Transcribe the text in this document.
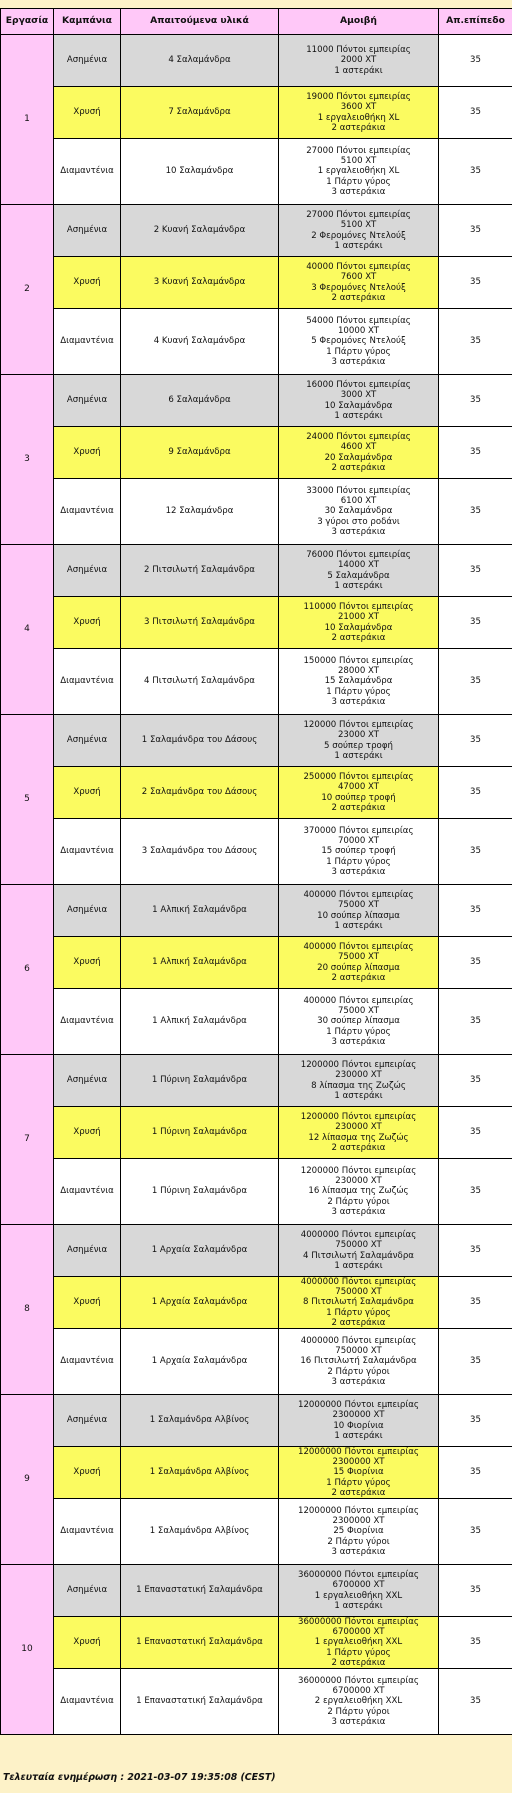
Εργασία	Καμπάνια	Απαιτούμενα υλικά	Αμοιβή	Απ.επίπεδο
1	Ασημένια	4 Σαλαμάνδρα	11000 Πόντοι εμπειρίας
2000 XT
1 αστεράκι	35
	Χρυσή	7 Σαλαμάνδρα	19000 Πόντοι εμπειρίας
3600 XT
1 εργαλειοθήκη XL
2 αστεράκια	35
	Διαμαντένια	10 Σαλαμάνδρα	27000 Πόντοι εμπειρίας
5100 XT
1 εργαλειοθήκη XL
1 Πάρτυ γύρος
3 αστεράκια	35
2	Ασημένια	2 Κυανή Σαλαμάνδρα	27000 Πόντοι εμπειρίας
5100 XT
2 Φερομόνες Ντελούξ
1 αστεράκι	35
	Χρυσή	3 Κυανή Σαλαμάνδρα	40000 Πόντοι εμπειρίας
7600 XT
3 Φερομόνες Ντελούξ
2 αστεράκια	35
	Διαμαντένια	4 Κυανή Σαλαμάνδρα	54000 Πόντοι εμπειρίας
10000 XT
5 Φερομόνες Ντελούξ
1 Πάρτυ γύρος
3 αστεράκια	35
3	Ασημένια	6 Σαλαμάνδρα	16000 Πόντοι εμπειρίας
3000 XT
10 Σαλαμάνδρα
1 αστεράκι	35
	Χρυσή	9 Σαλαμάνδρα	24000 Πόντοι εμπειρίας
4600 XT
20 Σαλαμάνδρα
2 αστεράκια	35
	Διαμαντένια	12 Σαλαμάνδρα	33000 Πόντοι εμπειρίας
6100 XT
30 Σαλαμάνδρα
3 γύροι στο ροδάνι
3 αστεράκια	35
4	Ασημένια	2 Πιτσιλωτή Σαλαμάνδρα	76000 Πόντοι εμπειρίας
14000 XT
5 Σαλαμάνδρα
1 αστεράκι	35
	Χρυσή	3 Πιτσιλωτή Σαλαμάνδρα	110000 Πόντοι εμπειρίας
21000 XT
10 Σαλαμάνδρα
2 αστεράκια	35
	Διαμαντένια	4 Πιτσιλωτή Σαλαμάνδρα	150000 Πόντοι εμπειρίας
28000 XT
15 Σαλαμάνδρα
1 Πάρτυ γύρος
3 αστεράκια	35
5	Ασημένια	1 Σαλαμάνδρα του Δάσους	120000 Πόντοι εμπειρίας
23000 XT
5 σούπερ τροφή
1 αστεράκι	35
	Χρυσή	2 Σαλαμάνδρα του Δάσους	250000 Πόντοι εμπειρίας
47000 XT
10 σούπερ τροφή
2 αστεράκια	35
	Διαμαντένια	3 Σαλαμάνδρα του Δάσους	370000 Πόντοι εμπειρίας
70000 XT
15 σούπερ τροφή
1 Πάρτυ γύρος
3 αστεράκια	35
6	Ασημένια	1 Αλπική Σαλαμάνδρα	400000 Πόντοι εμπειρίας
75000 XT
10 σούπερ λίπασμα
1 αστεράκι	35
	Χρυσή	1 Αλπική Σαλαμάνδρα	400000 Πόντοι εμπειρίας
75000 XT
20 σούπερ λίπασμα
2 αστεράκια	35
	Διαμαντένια	1 Αλπική Σαλαμάνδρα	400000 Πόντοι εμπειρίας
75000 XT
30 σούπερ λίπασμα
1 Πάρτυ γύρος
3 αστεράκια	35
7	Ασημένια	1 Πύρινη Σαλαμάνδρα	1200000 Πόντοι εμπειρίας
230000 XT
8 λίπασμα της Ζωζώς
1 αστεράκι	35
	Χρυσή	1 Πύρινη Σαλαμάνδρα	1200000 Πόντοι εμπειρίας
230000 XT
12 λίπασμα της Ζωζώς
2 αστεράκια	35
	Διαμαντένια	1 Πύρινη Σαλαμάνδρα	1200000 Πόντοι εμπειρίας
230000 XT
16 λίπασμα της Ζωζώς
2 Πάρτυ γύροι
3 αστεράκια	35
8	Ασημένια	1 Αρχαία Σαλαμάνδρα	4000000 Πόντοι εμπειρίας
750000 XT
4 Πιτσιλωτή Σαλαμάνδρα
1 αστεράκι	35
	Χρυσή	1 Αρχαία Σαλαμάνδρα	4000000 Πόντοι εμπειρίας
750000 XT
8 Πιτσιλωτή Σαλαμάνδρα
1 Πάρτυ γύρος
2 αστεράκια	35
	Διαμαντένια	1 Αρχαία Σαλαμάνδρα	4000000 Πόντοι εμπειρίας
750000 XT
16 Πιτσιλωτή Σαλαμάνδρα
2 Πάρτυ γύροι
3 αστεράκια	35
9	Ασημένια	1 Σαλαμάνδρα Αλβίνος	12000000 Πόντοι εμπειρίας
2300000 XT
10 Φιορίνια
1 αστεράκι	35
	Χρυσή	1 Σαλαμάνδρα Αλβίνος	12000000 Πόντοι εμπειρίας
2300000 XT
15 Φιορίνια
1 Πάρτυ γύρος
2 αστεράκια	35
	Διαμαντένια	1 Σαλαμάνδρα Αλβίνος	12000000 Πόντοι εμπειρίας
2300000 XT
25 Φιορίνια
2 Πάρτυ γύροι
3 αστεράκια	35
10	Ασημένια	1 Επαναστατική Σαλαμάνδρα	36000000 Πόντοι εμπειρίας
6700000 XT
1 εργαλειοθήκη XXL
1 αστεράκι	35
	Χρυσή	1 Επαναστατική Σαλαμάνδρα	36000000 Πόντοι εμπειρίας
6700000 XT
1 εργαλειοθήκη XXL
1 Πάρτυ γύρος
2 αστεράκια	35
	Διαμαντένια	1 Επαναστατική Σαλαμάνδρα	36000000 Πόντοι εμπειρίας
6700000 XT
2 εργαλειοθήκη XXL
2 Πάρτυ γύροι
3 αστεράκια	35
Τελευταία ενημέρωση : 2021-03-07 19:35:08 (CEST)
